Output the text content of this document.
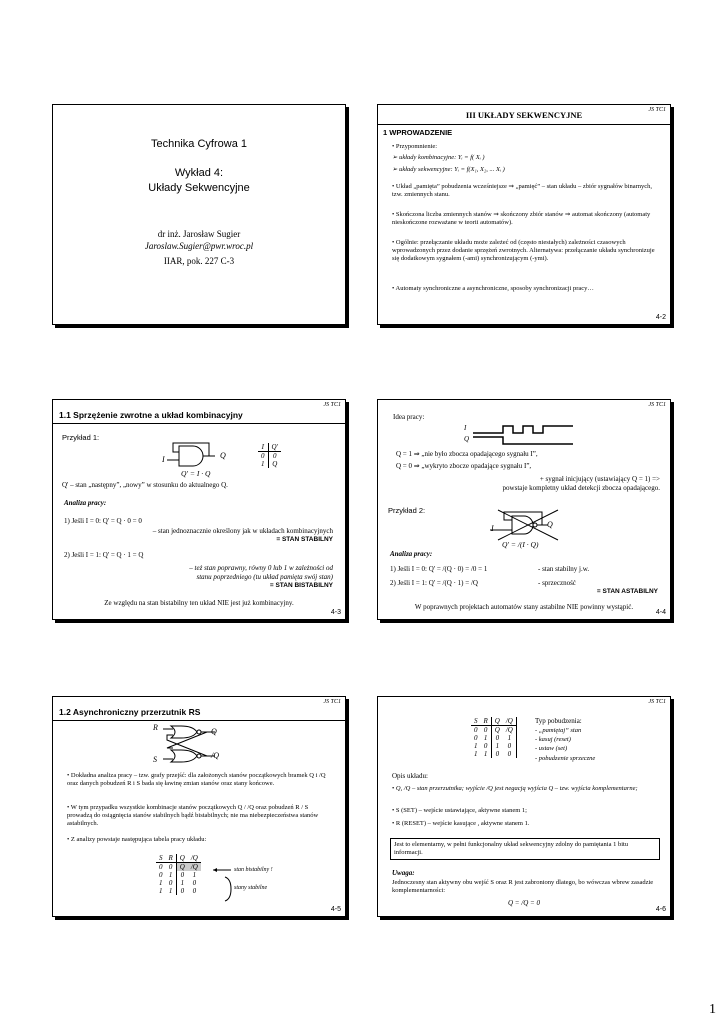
Technika Cyfrowa 1
Wykład 4:
Układy Sekwencyjne
dr inż. Jarosław Sugier
Jaroslaw.Sugier@pwr.wroc.pl
IIAR, pok. 227 C-3
JS TC1
III UKŁADY SEKWENCYJNE
1 WPROWADZENIE
• Przypomnienie:
➢ układy kombinacyjne: Yᵢ = f( Xᵢ )
➢ układy sekwencyjne: Yᵢ = f(X₁, X₂, ... Xᵢ )
• Układ „pamięta” pobudzenia wcześniejsze ⇒ „pamięć” – stan układu – zbiór sygnałów binarnych, tzw. zmiennych stanu.
• Skończona liczba zmiennych stanów ⇒ skończony zbiór stanów ⇒ automat skończony (automaty nieskończone rozważane w teorii automatów).
• Ogólnie: przełączanie układu może zależeć od (często niestałych) zależności czasowych wprowadzonych przez dodanie sprzężeń zwrotnych. Alternatywa: przełączanie układu synchronizuje się dodatkowym sygnałem (-ami) synchronizującym (-ymi).
• Automaty synchroniczne a asynchroniczne, sposoby synchronizacji pracy…
4-2
JS TC1
1.1 Sprzężenie zwrotne a układ kombinacyjny
Przykład 1:
I	Q
Q' = I · Q
I	Q'
0	0
1	Q
Q' – stan „następny”, „nowy” w stosunku do aktualnego Q.
Analiza pracy:
1) Jeśli I = 0: Q' = Q · 0 = 0
– stan jednoznacznie określony jak w układach kombinacyjnych
= STAN STABILNY
2) Jeśli I = 1: Q' = Q · 1 = Q
– też stan poprawny, równy 0 lub 1 w zależności od
stanu poprzedniego (tu układ pamięta swój stan)
= STAN BISTABILNY
Ze względu na stan bistabilny ten układ NIE jest już kombinacyjny.
4-3
JS TC1
Idea pracy:
I
Q
Q = 1 ⇒ „nie było zbocza opadającego sygnału I”,
Q = 0 ⇒ „wykryto zbocze opadające sygnału I”,
+ sygnał inicjujący (ustawiający Q = 1) =>
powstaje kompletny układ detekcji zbocza opadającego.
Przykład 2:
I	Q
Q' = /(I · Q)
Analiza pracy:
1) Jeśli I = 0: Q' = /(Q · 0) = /0 = 1	- stan stabilny j.w.
2) Jeśli I = 1: Q' = /(Q · 1) = /Q	- sprzeczność
= STAN ASTABILNY
W poprawnych projektach automatów stany astabilne NIE powinny wystąpić.
4-4
JS TC1
1.2 Asynchroniczny przerzutnik RS
R
S
Q
/Q
• Dokładna analiza pracy – tzw. grafy przejść: dla założonych stanów początkowych bramek Q i /Q oraz danych pobudzeń R i S bada się ławinę zmian stanów oraz stany końcowe.
• W tym przypadku wszystkie kombinacje stanów początkowych Q / /Q oraz pobudzeń R / S prowadzą do osiągnięcia stanów stabilnych bądź bistabilnych; nie ma niebezpieczeństwa stanów astabilnych.
• Z analizy powstaje następująca tabela pracy układu:
S	R	Q	/Q
0	0	Q	/Q
0	1	0	1
1	0	1	0
1	1	0	0
stan bistabilny !
stany stabilne
4-5
JS TC1
S	R	Q	/Q
0	0	Q	/Q
0	1	0	1
1	0	1	0
1	1	0	0
Typ pobudzenia:
- „pamiętaj” stan
- kasuj (reset)
- ustaw (set)
- pobudzenie sprzeczne
Opis układu:
• Q, /Q – stan przerzutnika; wyjście /Q jest negacją wyjścia Q – tzw. wyjścia komplementarne;
• S (SET) – wejście ustawiające, aktywne stanem 1;
• R (RESET) – wejście kasujące , aktywne stanem 1.
Jest to elementarny, w pełni funkcjonalny układ sekwencyjny zdolny do pamiętania 1 bitu informacji.
Uwaga:
Jednoczesny stan aktywny obu wejść S oraz R jest zabroniony dlatego, bo wówczas wbrew zasadzie komplementarności:
Q = /Q = 0
4-6
1
